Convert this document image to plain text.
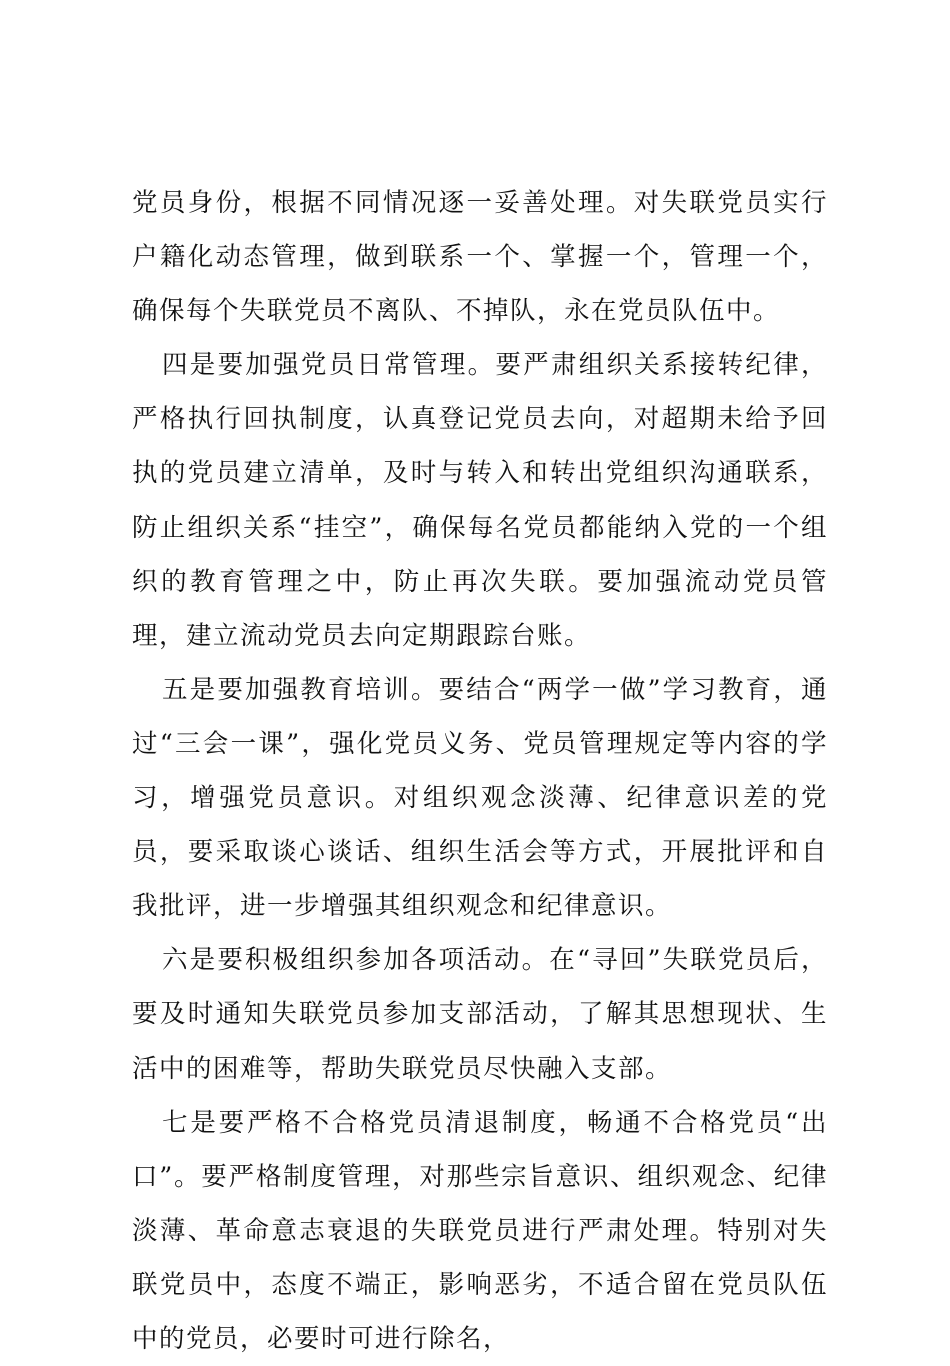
党员身份，根据不同情况逐一妥善处理。对失联党员实行户籍化动态管理，做到联系一个、掌握一个，管理一个，确保每个失联党员不离队、不掉队，永在党员队伍中。

四是要加强党员日常管理。要严肃组织关系接转纪律，严格执行回执制度，认真登记党员去向，对超期未给予回执的党员建立清单，及时与转入和转出党组织沟通联系，防止组织关系“挂空”，确保每名党员都能纳入党的一个组织的教育管理之中，防止再次失联。要加强流动党员管理，建立流动党员去向定期跟踪台账。

五是要加强教育培训。要结合“两学一做”学习教育，通过“三会一课”，强化党员义务、党员管理规定等内容的学习，增强党员意识。对组织观念淡薄、纪律意识差的党员，要采取谈心谈话、组织生活会等方式，开展批评和自我批评，进一步增强其组织观念和纪律意识。

六是要积极组织参加各项活动。在“寻回”失联党员后，要及时通知失联党员参加支部活动，了解其思想现状、生活中的困难等，帮助失联党员尽快融入支部。

七是要严格不合格党员清退制度，畅通不合格党员“出口”。要严格制度管理，对那些宗旨意识、组织观念、纪律淡薄、革命意志衰退的失联党员进行严肃处理。特别对失联党员中，态度不端正，影响恶劣，不适合留在党员队伍中的党员，必要时可进行除名，
